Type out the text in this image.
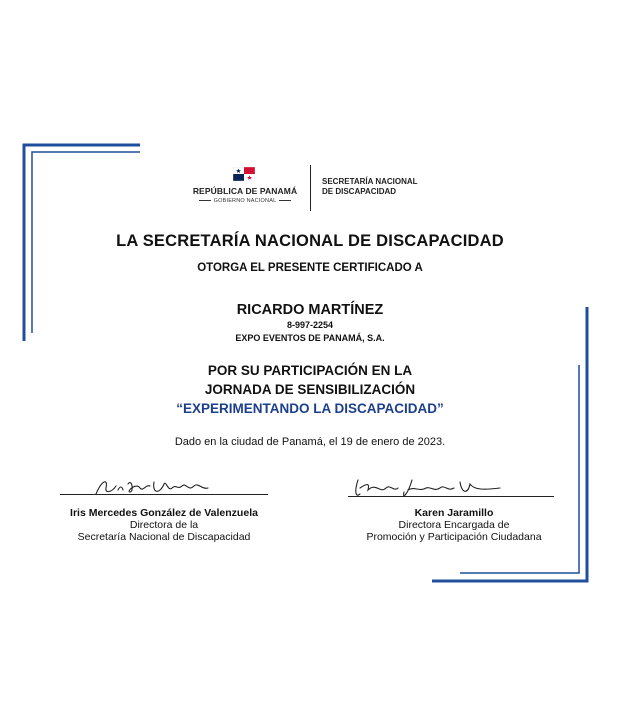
REPÚBLICA DE PANAMÁ
GOBIERNO NACIONAL
SECRETARÍA NACIONAL
DE DISCAPACIDAD
LA SECRETARÍA NACIONAL DE DISCAPACIDAD
OTORGA EL PRESENTE CERTIFICADO A
RICARDO MARTÍNEZ
8-997-2254
EXPO EVENTOS DE PANAMÁ, S.A.
POR SU PARTICIPACIÓN EN LA
JORNADA DE SENSIBILIZACIÓN
“EXPERIMENTANDO LA DISCAPACIDAD”
Dado en la ciudad de Panamá, el 19 de enero de 2023.
Iris Mercedes González de Valenzuela
Directora de la
Secretaría Nacional de Discapacidad
Karen Jaramillo
Directora Encargada de
Promoción y Participación Ciudadana
